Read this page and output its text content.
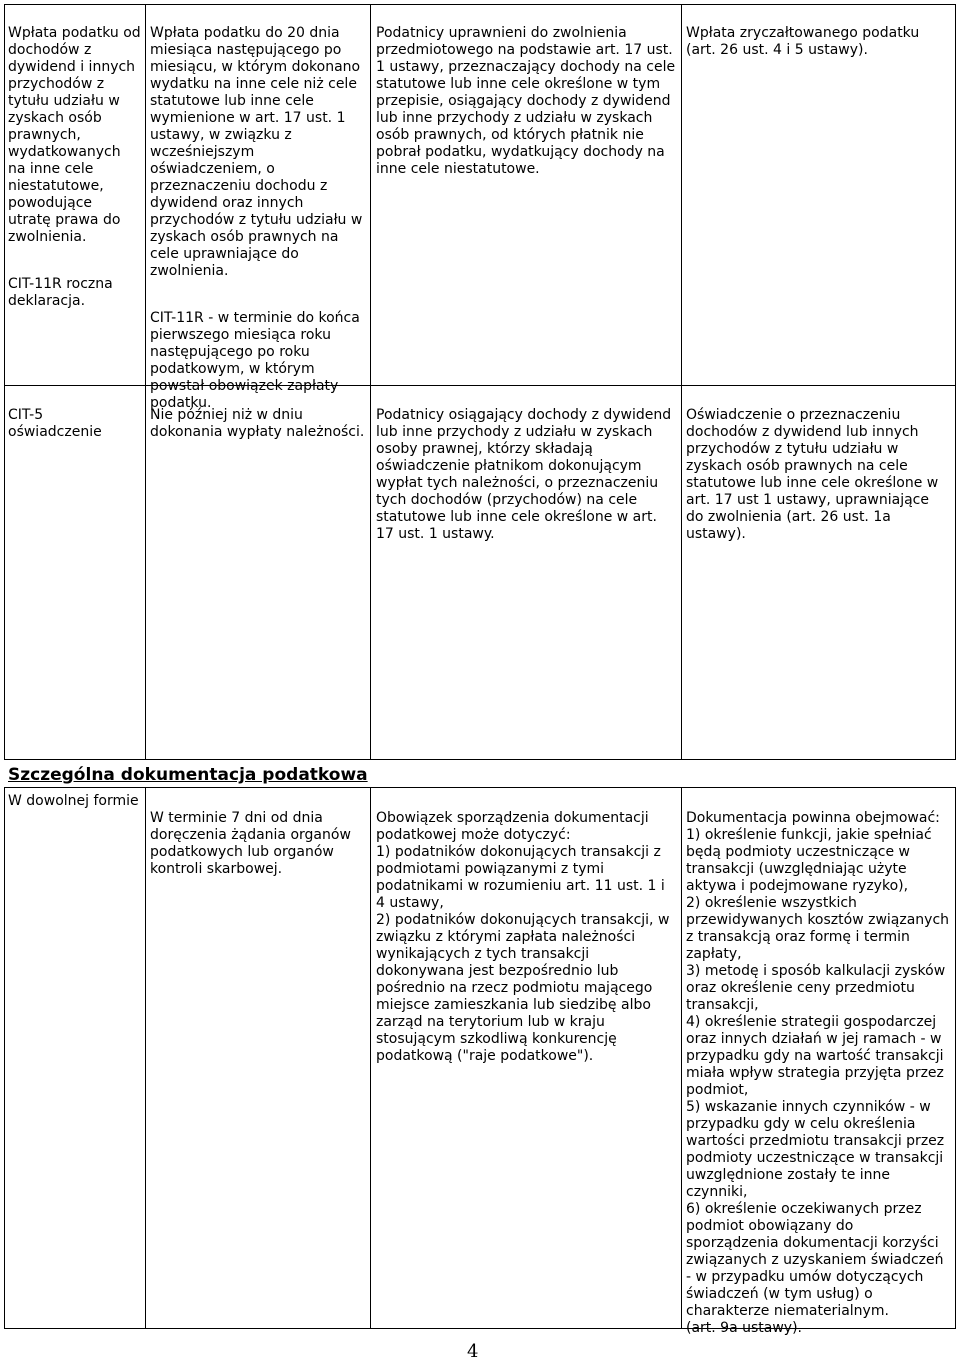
Wpłata podatku od
dochodów z
dywidend i innych
przychodów z
tytułu udziału w
zyskach osób
prawnych,
wydatkowanych
na inne cele
niestatutowe,
powodujące
utratę prawa do
zwolnienia.

CIT-11R roczna
deklaracja.

Wpłata podatku do 20 dnia
miesiąca następującego po
miesiącu, w którym dokonano
wydatku na inne cele niż cele
statutowe lub inne cele
wymienione w art. 17 ust. 1
ustawy, w związku z
wcześniejszym
oświadczeniem, o
przeznaczeniu dochodu z
dywidend oraz innych
przychodów z tytułu udziału w
zyskach osób prawnych na
cele uprawniające do
zwolnienia.

CIT-11R - w terminie do końca
pierwszego miesiąca roku
następującego po roku
podatkowym, w którym
powstał obowiązek zapłaty
podatku.

Podatnicy uprawnieni do zwolnienia
przedmiotowego na podstawie art. 17 ust.
1 ustawy, przeznaczający dochody na cele
statutowe lub inne cele określone w tym
przepisie, osiągający dochody z dywidend
lub inne przychody z udziału w zyskach
osób prawnych, od których płatnik nie
pobrał podatku, wydatkujący dochody na
inne cele niestatutowe.

Wpłata zryczałtowanego podatku
(art. 26 ust. 4 i 5 ustawy).

CIT-5
oświadczenie

Nie później niż w dniu
dokonania wypłaty należności.

Podatnicy osiągający dochody z dywidend
lub inne przychody z udziału w zyskach
osoby prawnej, którzy składają
oświadczenie płatnikom dokonującym
wypłat tych należności, o przeznaczeniu
tych dochodów (przychodów) na cele
statutowe lub inne cele określone w art.
17 ust. 1 ustawy.

Oświadczenie o przeznaczeniu
dochodów z dywidend lub innych
przychodów z tytułu udziału w
zyskach osób prawnych na cele
statutowe lub inne cele określone w
art. 17 ust 1 ustawy, uprawniające
do zwolnienia (art. 26 ust. 1a
ustawy).

Szczególna dokumentacja podatkowa

W dowolnej formie

W terminie 7 dni od dnia
doręczenia żądania organów
podatkowych lub organów
kontroli skarbowej.

Obowiązek sporządzenia dokumentacji
podatkowej może dotyczyć:
1) podatników dokonujących transakcji z
podmiotami powiązanymi z tymi
podatnikami w rozumieniu art. 11 ust. 1 i
4 ustawy,
2) podatników dokonujących transakcji, w
związku z którymi zapłata należności
wynikających z tych transakcji
dokonywana jest bezpośrednio lub
pośrednio na rzecz podmiotu mającego
miejsce zamieszkania lub siedzibę albo
zarząd na terytorium lub w kraju
stosującym szkodliwą konkurencję
podatkową ("raje podatkowe").

Dokumentacja powinna obejmować:
1) określenie funkcji, jakie spełniać
będą podmioty uczestniczące w
transakcji (uwzględniając użyte
aktywa i podejmowane ryzyko),
2) określenie wszystkich
przewidywanych kosztów związanych
z transakcją oraz formę i termin
zapłaty,
3) metodę i sposób kalkulacji zysków
oraz określenie ceny przedmiotu
transakcji,
4) określenie strategii gospodarczej
oraz innych działań w jej ramach - w
przypadku gdy na wartość transakcji
miała wpływ strategia przyjęta przez
podmiot,
5) wskazanie innych czynników - w
przypadku gdy w celu określenia
wartości przedmiotu transakcji przez
podmioty uczestniczące w transakcji
uwzględnione zostały te inne
czynniki,
6) określenie oczekiwanych przez
podmiot obowiązany do
sporządzenia dokumentacji korzyści
związanych z uzyskaniem świadczeń
- w przypadku umów dotyczących
świadczeń (w tym usług) o
charakterze niematerialnym.
(art. 9a ustawy).

4
